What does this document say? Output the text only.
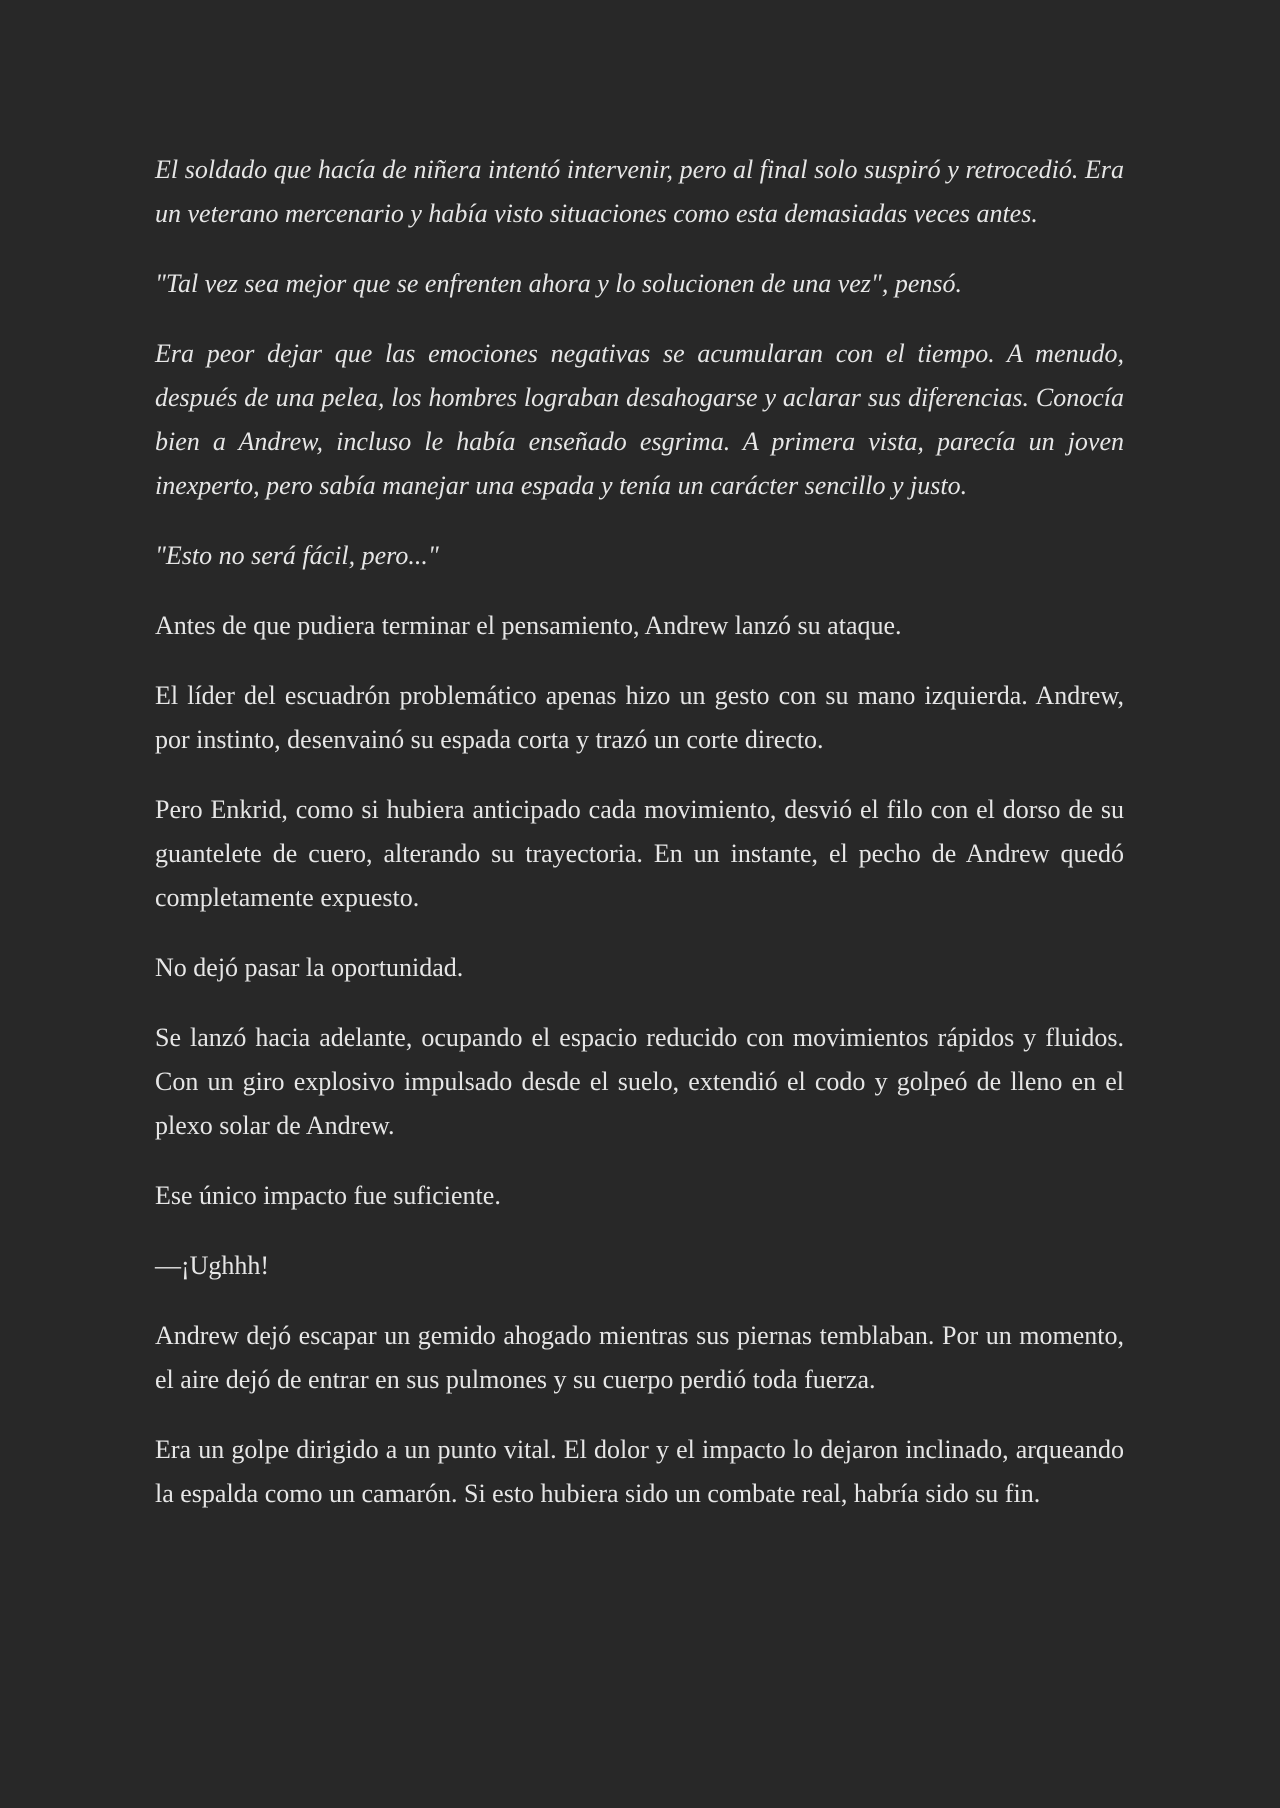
El soldado que hacía de niñera intentó intervenir, pero al final solo suspiró y retrocedió. Era un veterano mercenario y había visto situaciones como esta demasiadas veces antes.

"Tal vez sea mejor que se enfrenten ahora y lo solucionen de una vez", pensó.

Era peor dejar que las emociones negativas se acumularan con el tiempo. A menudo, después de una pelea, los hombres lograban desahogarse y aclarar sus diferencias. Conocía bien a Andrew, incluso le había enseñado esgrima. A primera vista, parecía un joven inexperto, pero sabía manejar una espada y tenía un carácter sencillo y justo.

"Esto no será fácil, pero..."

Antes de que pudiera terminar el pensamiento, Andrew lanzó su ataque.

El líder del escuadrón problemático apenas hizo un gesto con su mano izquierda. Andrew, por instinto, desenvainó su espada corta y trazó un corte directo.

Pero Enkrid, como si hubiera anticipado cada movimiento, desvió el filo con el dorso de su guantelete de cuero, alterando su trayectoria. En un instante, el pecho de Andrew quedó completamente expuesto.

No dejó pasar la oportunidad.

Se lanzó hacia adelante, ocupando el espacio reducido con movimientos rápidos y fluidos. Con un giro explosivo impulsado desde el suelo, extendió el codo y golpeó de lleno en el plexo solar de Andrew.

Ese único impacto fue suficiente.

—¡Ughhh!

Andrew dejó escapar un gemido ahogado mientras sus piernas temblaban. Por un momento, el aire dejó de entrar en sus pulmones y su cuerpo perdió toda fuerza.

Era un golpe dirigido a un punto vital. El dolor y el impacto lo dejaron inclinado, arqueando la espalda como un camarón. Si esto hubiera sido un combate real, habría sido su fin.
